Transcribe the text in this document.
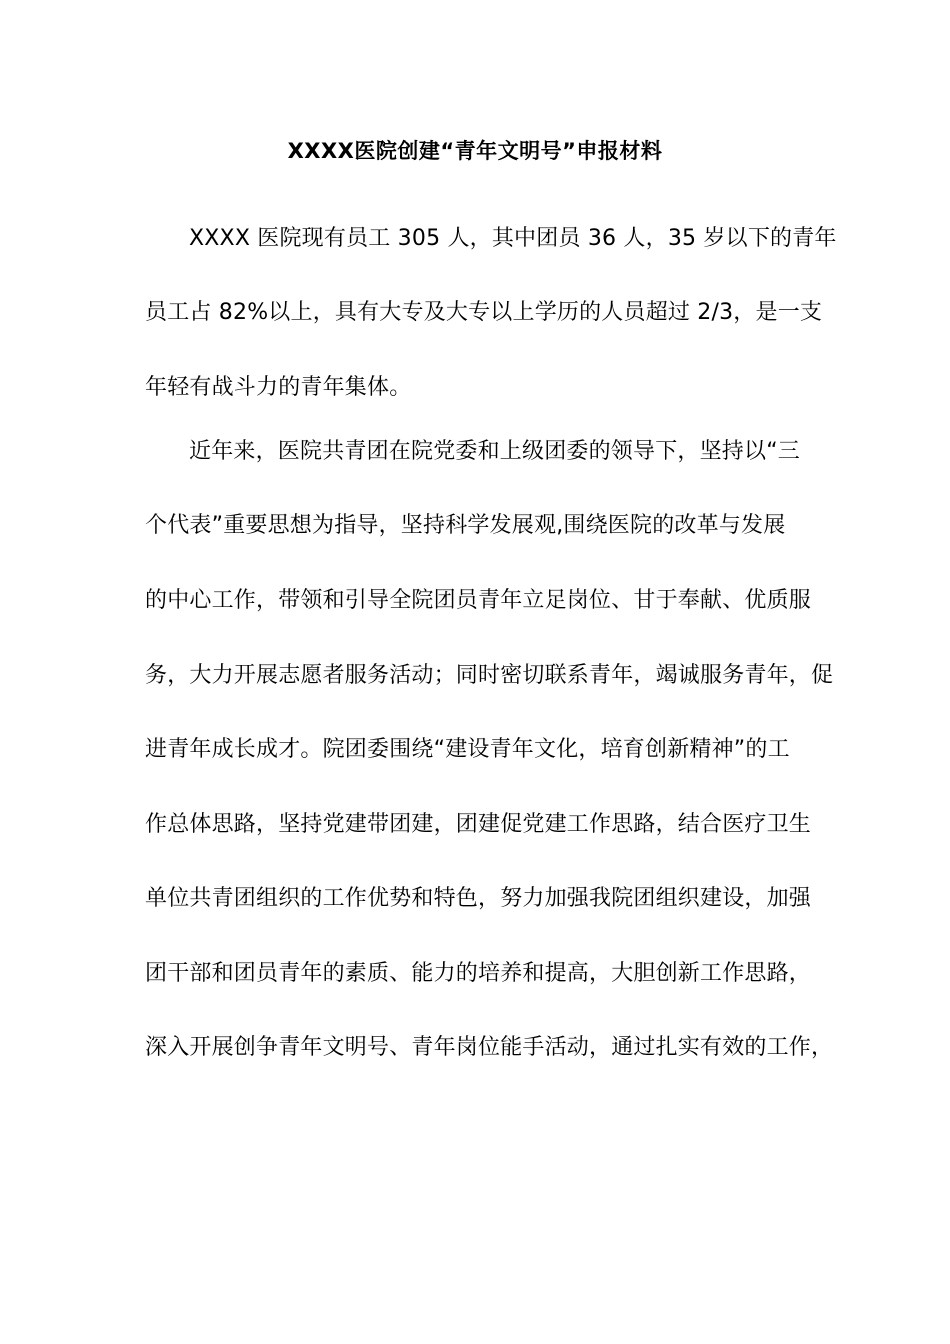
XXXX医院创建“青年文明号”申报材料
XXXX 医院现有员工 305 人，其中团员 36 人，35 岁以下的青年
员工占 82%以上，具有大专及大专以上学历的人员超过 2/3，是一支
年轻有战斗力的青年集体。
近年来，医院共青团在院党委和上级团委的领导下，坚持以“三
个代表”重要思想为指导，坚持科学发展观,围绕医院的改革与发展
的中心工作，带领和引导全院团员青年立足岗位、甘于奉献、优质服
务，大力开展志愿者服务活动；同时密切联系青年，竭诚服务青年，促
进青年成长成才。院团委围绕“建设青年文化，培育创新精神”的工
作总体思路，坚持党建带团建，团建促党建工作思路，结合医疗卫生
单位共青团组织的工作优势和特色，努力加强我院团组织建设，加强
团干部和团员青年的素质、能力的培养和提高，大胆创新工作思路，
深入开展创争青年文明号、青年岗位能手活动，通过扎实有效的工作，
